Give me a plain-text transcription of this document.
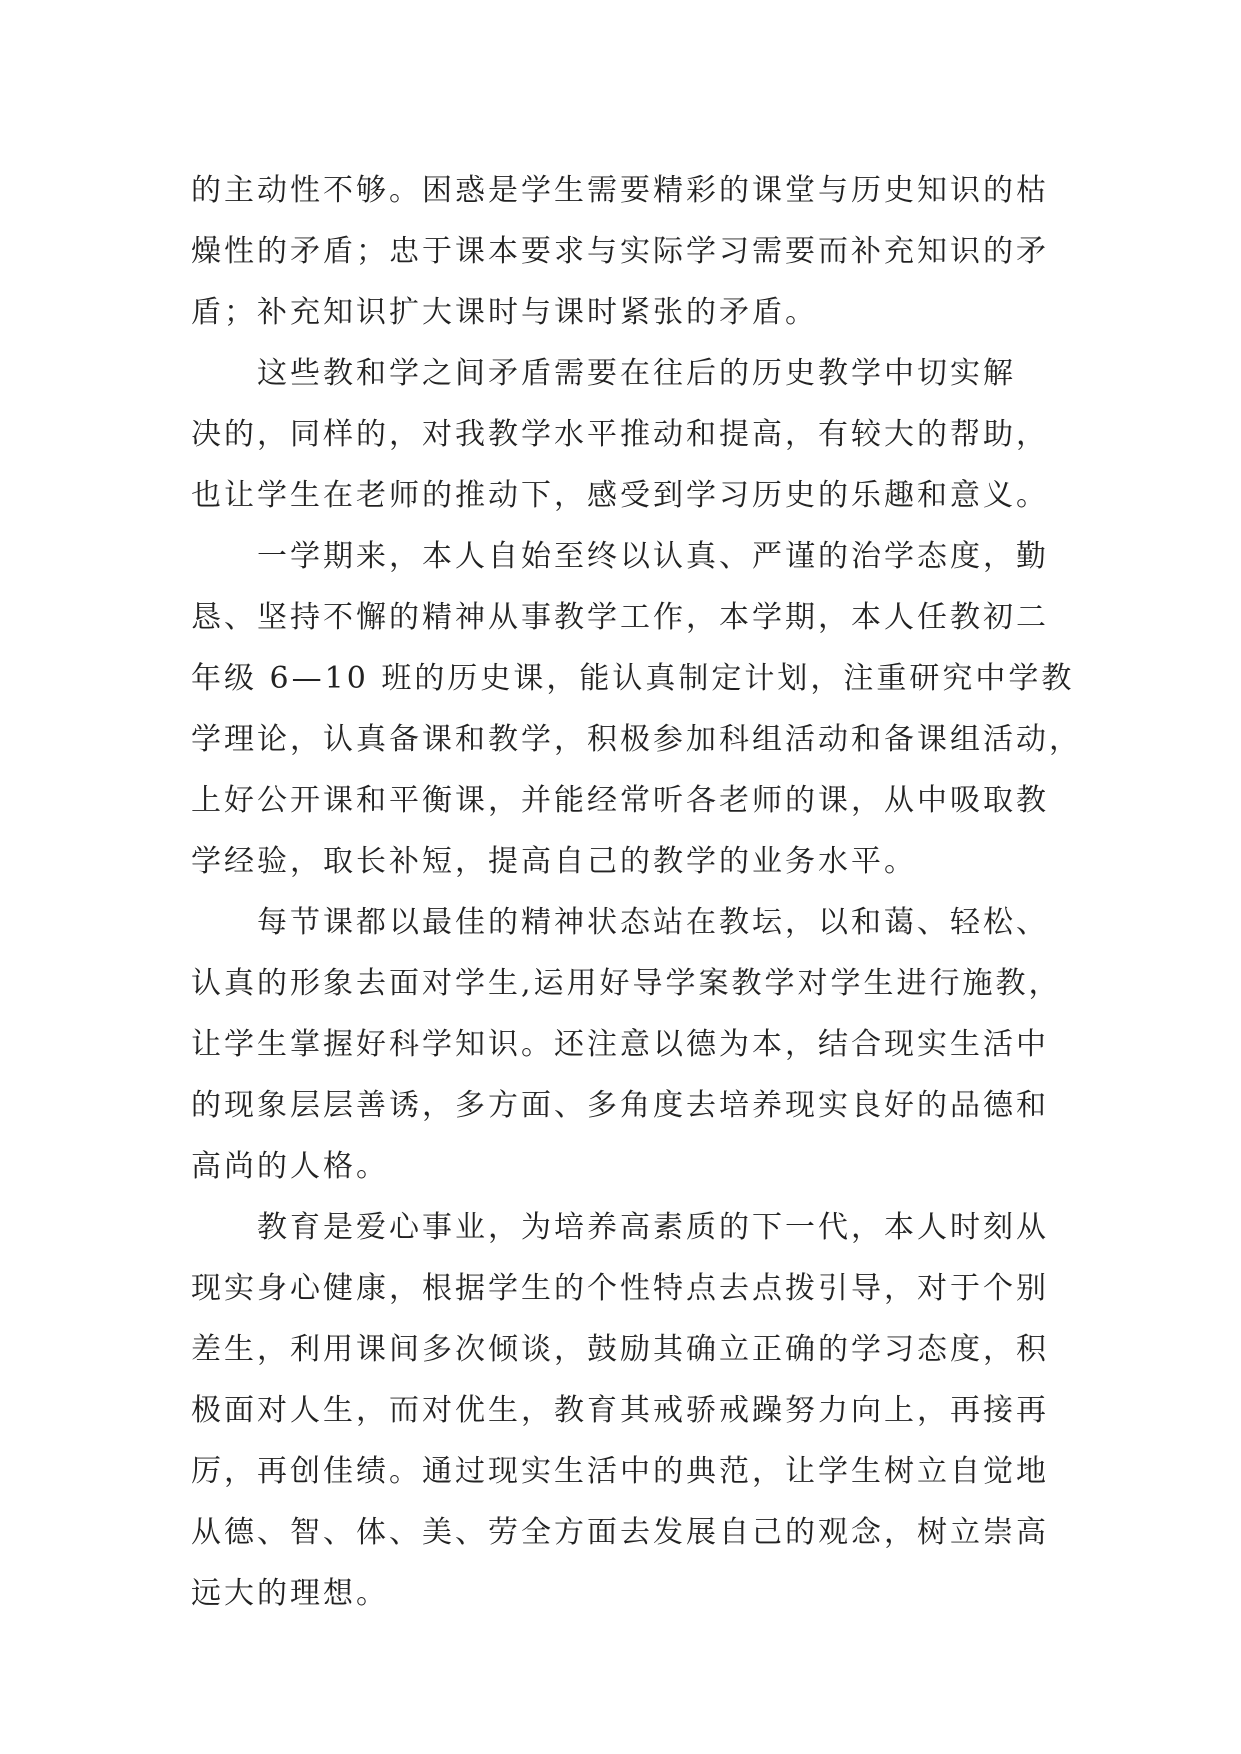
的主动性不够。困惑是学生需要精彩的课堂与历史知识的枯
燥性的矛盾；忠于课本要求与实际学习需要而补充知识的矛
盾；补充知识扩大课时与课时紧张的矛盾。
这些教和学之间矛盾需要在往后的历史教学中切实解
决的，同样的，对我教学水平推动和提高，有较大的帮助，
也让学生在老师的推动下，感受到学习历史的乐趣和意义。
一学期来，本人自始至终以认真、严谨的治学态度，勤
恳、坚持不懈的精神从事教学工作，本学期，本人任教初二
年级 6—10 班的历史课，能认真制定计划，注重研究中学教
学理论，认真备课和教学，积极参加科组活动和备课组活动，
上好公开课和平衡课，并能经常听各老师的课，从中吸取教
学经验，取长补短，提高自己的教学的业务水平。
每节课都以最佳的精神状态站在教坛，以和蔼、轻松、
认真的形象去面对学生,运用好导学案教学对学生进行施教，
让学生掌握好科学知识。还注意以德为本，结合现实生活中
的现象层层善诱，多方面、多角度去培养现实良好的品德和
高尚的人格。
教育是爱心事业，为培养高素质的下一代，本人时刻从
现实身心健康，根据学生的个性特点去点拨引导，对于个别
差生，利用课间多次倾谈，鼓励其确立正确的学习态度，积
极面对人生，而对优生，教育其戒骄戒躁努力向上，再接再
厉，再创佳绩。通过现实生活中的典范，让学生树立自觉地
从德、智、体、美、劳全方面去发展自己的观念，树立崇高
远大的理想。
